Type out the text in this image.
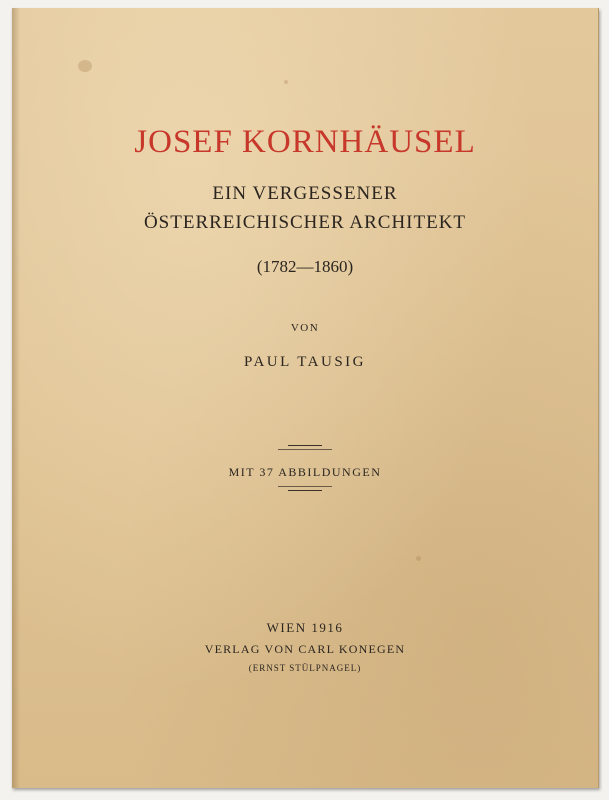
JOSEF KORNHÄUSEL
EIN VERGESSENER
ÖSTERREICHISCHER ARCHITEKT
(1782—1860)
VON
PAUL TAUSIG
MIT 37 ABBILDUNGEN
WIEN 1916
VERLAG VON CARL KONEGEN
(ERNST STÜLPNAGEL)
